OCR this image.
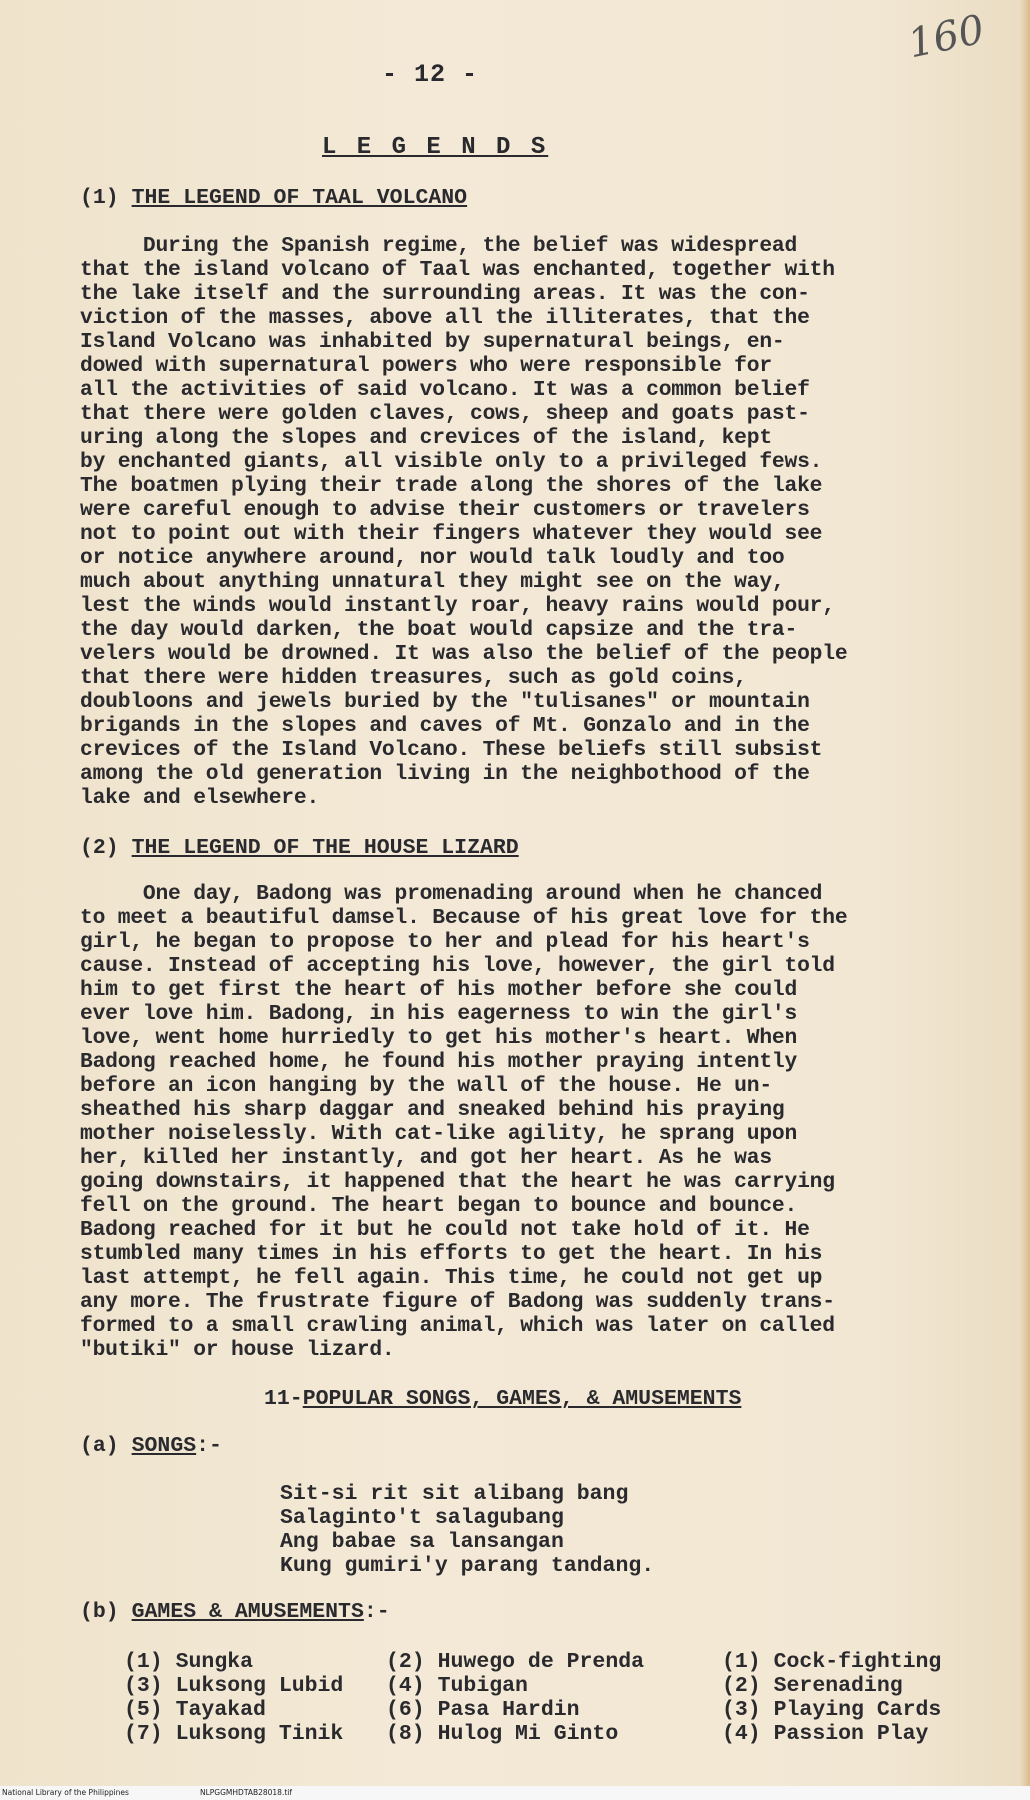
160
- 12 -
L E G E N D S
(1) THE LEGEND OF TAAL VOLCANO
During the Spanish regime, the belief was widespread
that the island volcano of Taal was enchanted, together with
the lake itself and the surrounding areas. It was the con-
viction of the masses, above all the illiterates, that the
Island Volcano was inhabited by supernatural beings, en-
dowed with supernatural powers who were responsible for
all the activities of said volcano. It was a common belief
that there were golden claves, cows, sheep and goats past-
uring along the slopes and crevices of the island, kept
by enchanted giants, all visible only to a privileged fews.
The boatmen plying their trade along the shores of the lake
were careful enough to advise their customers or travelers
not to point out with their fingers whatever they would see
or notice anywhere around, nor would talk loudly and too
much about anything unnatural they might see on the way,
lest the winds would instantly roar, heavy rains would pour,
the day would darken, the boat would capsize and the tra-
velers would be drowned. It was also the belief of the people
that there were hidden treasures, such as gold coins,
doubloons and jewels buried by the "tulisanes" or mountain
brigands in the slopes and caves of Mt. Gonzalo and in the
crevices of the Island Volcano. These beliefs still subsist
among the old generation living in the neighbothood of the
lake and elsewhere.
(2) THE LEGEND OF THE HOUSE LIZARD
One day, Badong was promenading around when he chanced
to meet a beautiful damsel. Because of his great love for the
girl, he began to propose to her and plead for his heart's
cause. Instead of accepting his love, however, the girl told
him to get first the heart of his mother before she could
ever love him. Badong, in his eagerness to win the girl's
love, went home hurriedly to get his mother's heart. When
Badong reached home, he found his mother praying intently
before an icon hanging by the wall of the house. He un-
sheathed his sharp daggar and sneaked behind his praying
mother noiselessly. With cat-like agility, he sprang upon
her, killed her instantly, and got her heart. As he was
going downstairs, it happened that the heart he was carrying
fell on the ground. The heart began to bounce and bounce.
Badong reached for it but he could not take hold of it. He
stumbled many times in his efforts to get the heart. In his
last attempt, he fell again. This time, he could not get up
any more. The frustrate figure of Badong was suddenly trans-
formed to a small crawling animal, which was later on called
"butiki" or house lizard.
11-POPULAR SONGS, GAMES, & AMUSEMENTS
(a) SONGS:-
Sit-si rit sit alibang bang
Salaginto't salagubang
Ang babae sa lansangan
Kung gumiri'y parang tandang.
(b) GAMES & AMUSEMENTS:-
(1) Sungka	(2) Huwego de Prenda	(1) Cock-fighting
(3) Luksong Lubid (4) Tubigan	(2) Serenading
(5) Tayakad	(6) Pasa Hardin	(3) Playing Cards
(7) Luksong Tinik (8) Hulog Mi Ginto	(4) Passion Play
National Library of the Philippines	NLPGGMHDTAB28018.tif
